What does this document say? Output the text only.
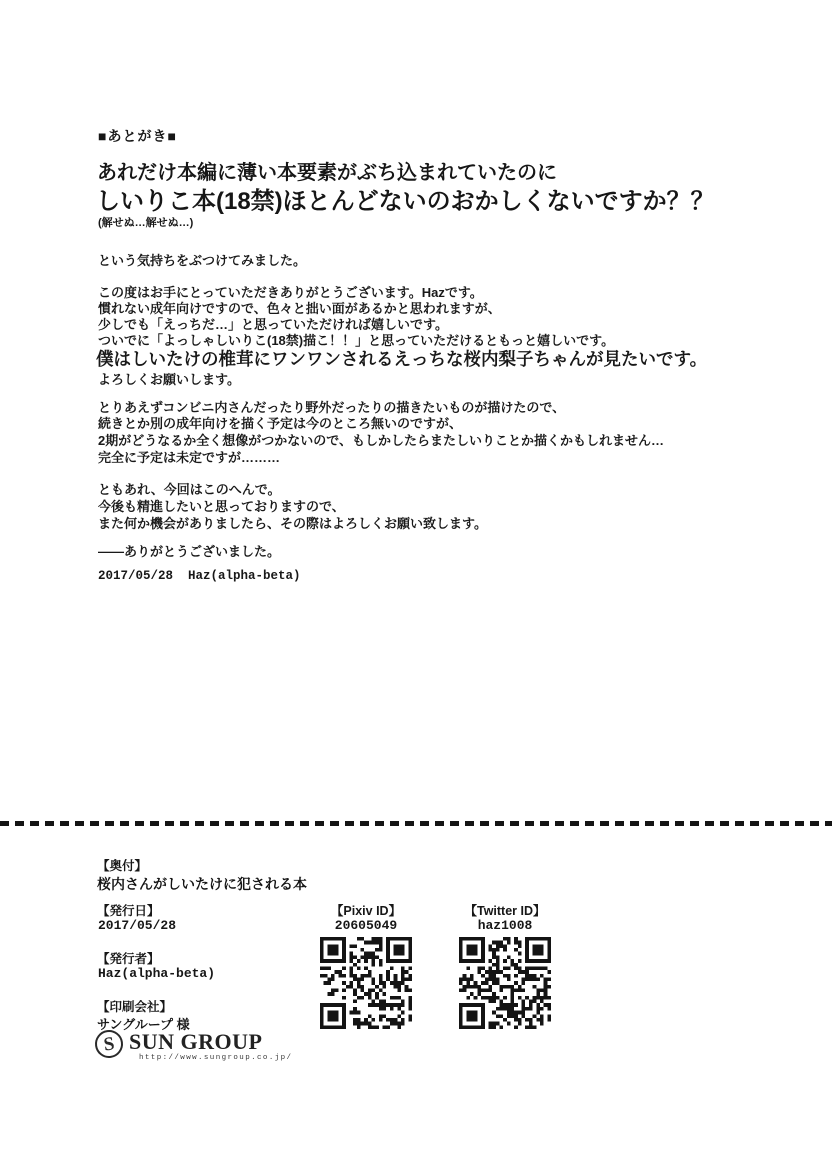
■あとがき■
あれだけ本編に薄い本要素がぶち込まれていたのに
しいりこ本(18禁)ほとんどないのおかしくないですか？？
(解せぬ…解せぬ…)
という気持ちをぶつけてみました。
この度はお手にとっていただきありがとうございます。Hazです。
慣れない成年向けですので、色々と拙い面があるかと思われますが、
少しでも「えっちだ…」と思っていただければ嬉しいです。
ついでに「よっしゃしいりこ(18禁)描こ！！」と思っていただけるともっと嬉しいです。
僕はしいたけの椎茸にワンワンされるえっちな桜内梨子ちゃんが見たいです。
よろしくお願いします。
とりあえずコンビニ内さんだったり野外だったりの描きたいものが描けたので、
続きとか別の成年向けを描く予定は今のところ無いのですが、
2期がどうなるか全く想像がつかないので、もしかしたらまたしいりことか描くかもしれません…
完全に予定は未定ですが………
ともあれ、今回はこのへんで。
今後も精進したいと思っておりますので、
また何か機会がありましたら、その際はよろしくお願い致します。
――ありがとうございました。
2017/05/28  Haz(alpha-beta)
【奥付】
桜内さんがしいたけに犯される本
【発行日】
2017/05/28
【発行者】
Haz(alpha-beta)
【印刷会社】
サングループ 様
【Pixiv ID】
20605049
【Twitter ID】
haz1008
S SUN GROUP
http://www.sungroup.co.jp/
